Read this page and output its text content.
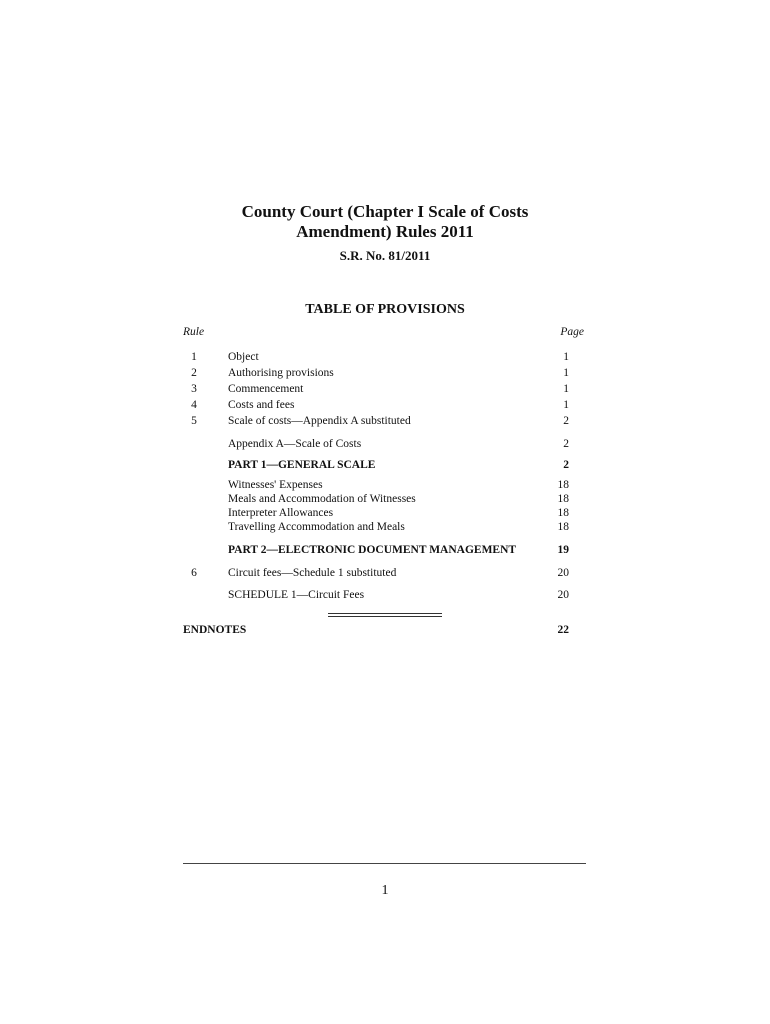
County Court (Chapter I Scale of Costs
Amendment) Rules 2011
S.R. No. 81/2011
TABLE OF PROVISIONS
Rule	Page
1	Object	1
2	Authorising provisions	1
3	Commencement	1
4	Costs and fees	1
5	Scale of costs—Appendix A substituted	2
Appendix A—Scale of Costs	2
PART 1—GENERAL SCALE	2
Witnesses' Expenses	18
Meals and Accommodation of Witnesses	18
Interpreter Allowances	18
Travelling Accommodation and Meals	18
PART 2—ELECTRONIC DOCUMENT MANAGEMENT	19
6	Circuit fees—Schedule 1 substituted	20
SCHEDULE 1—Circuit Fees	20
ENDNOTES	22
1
